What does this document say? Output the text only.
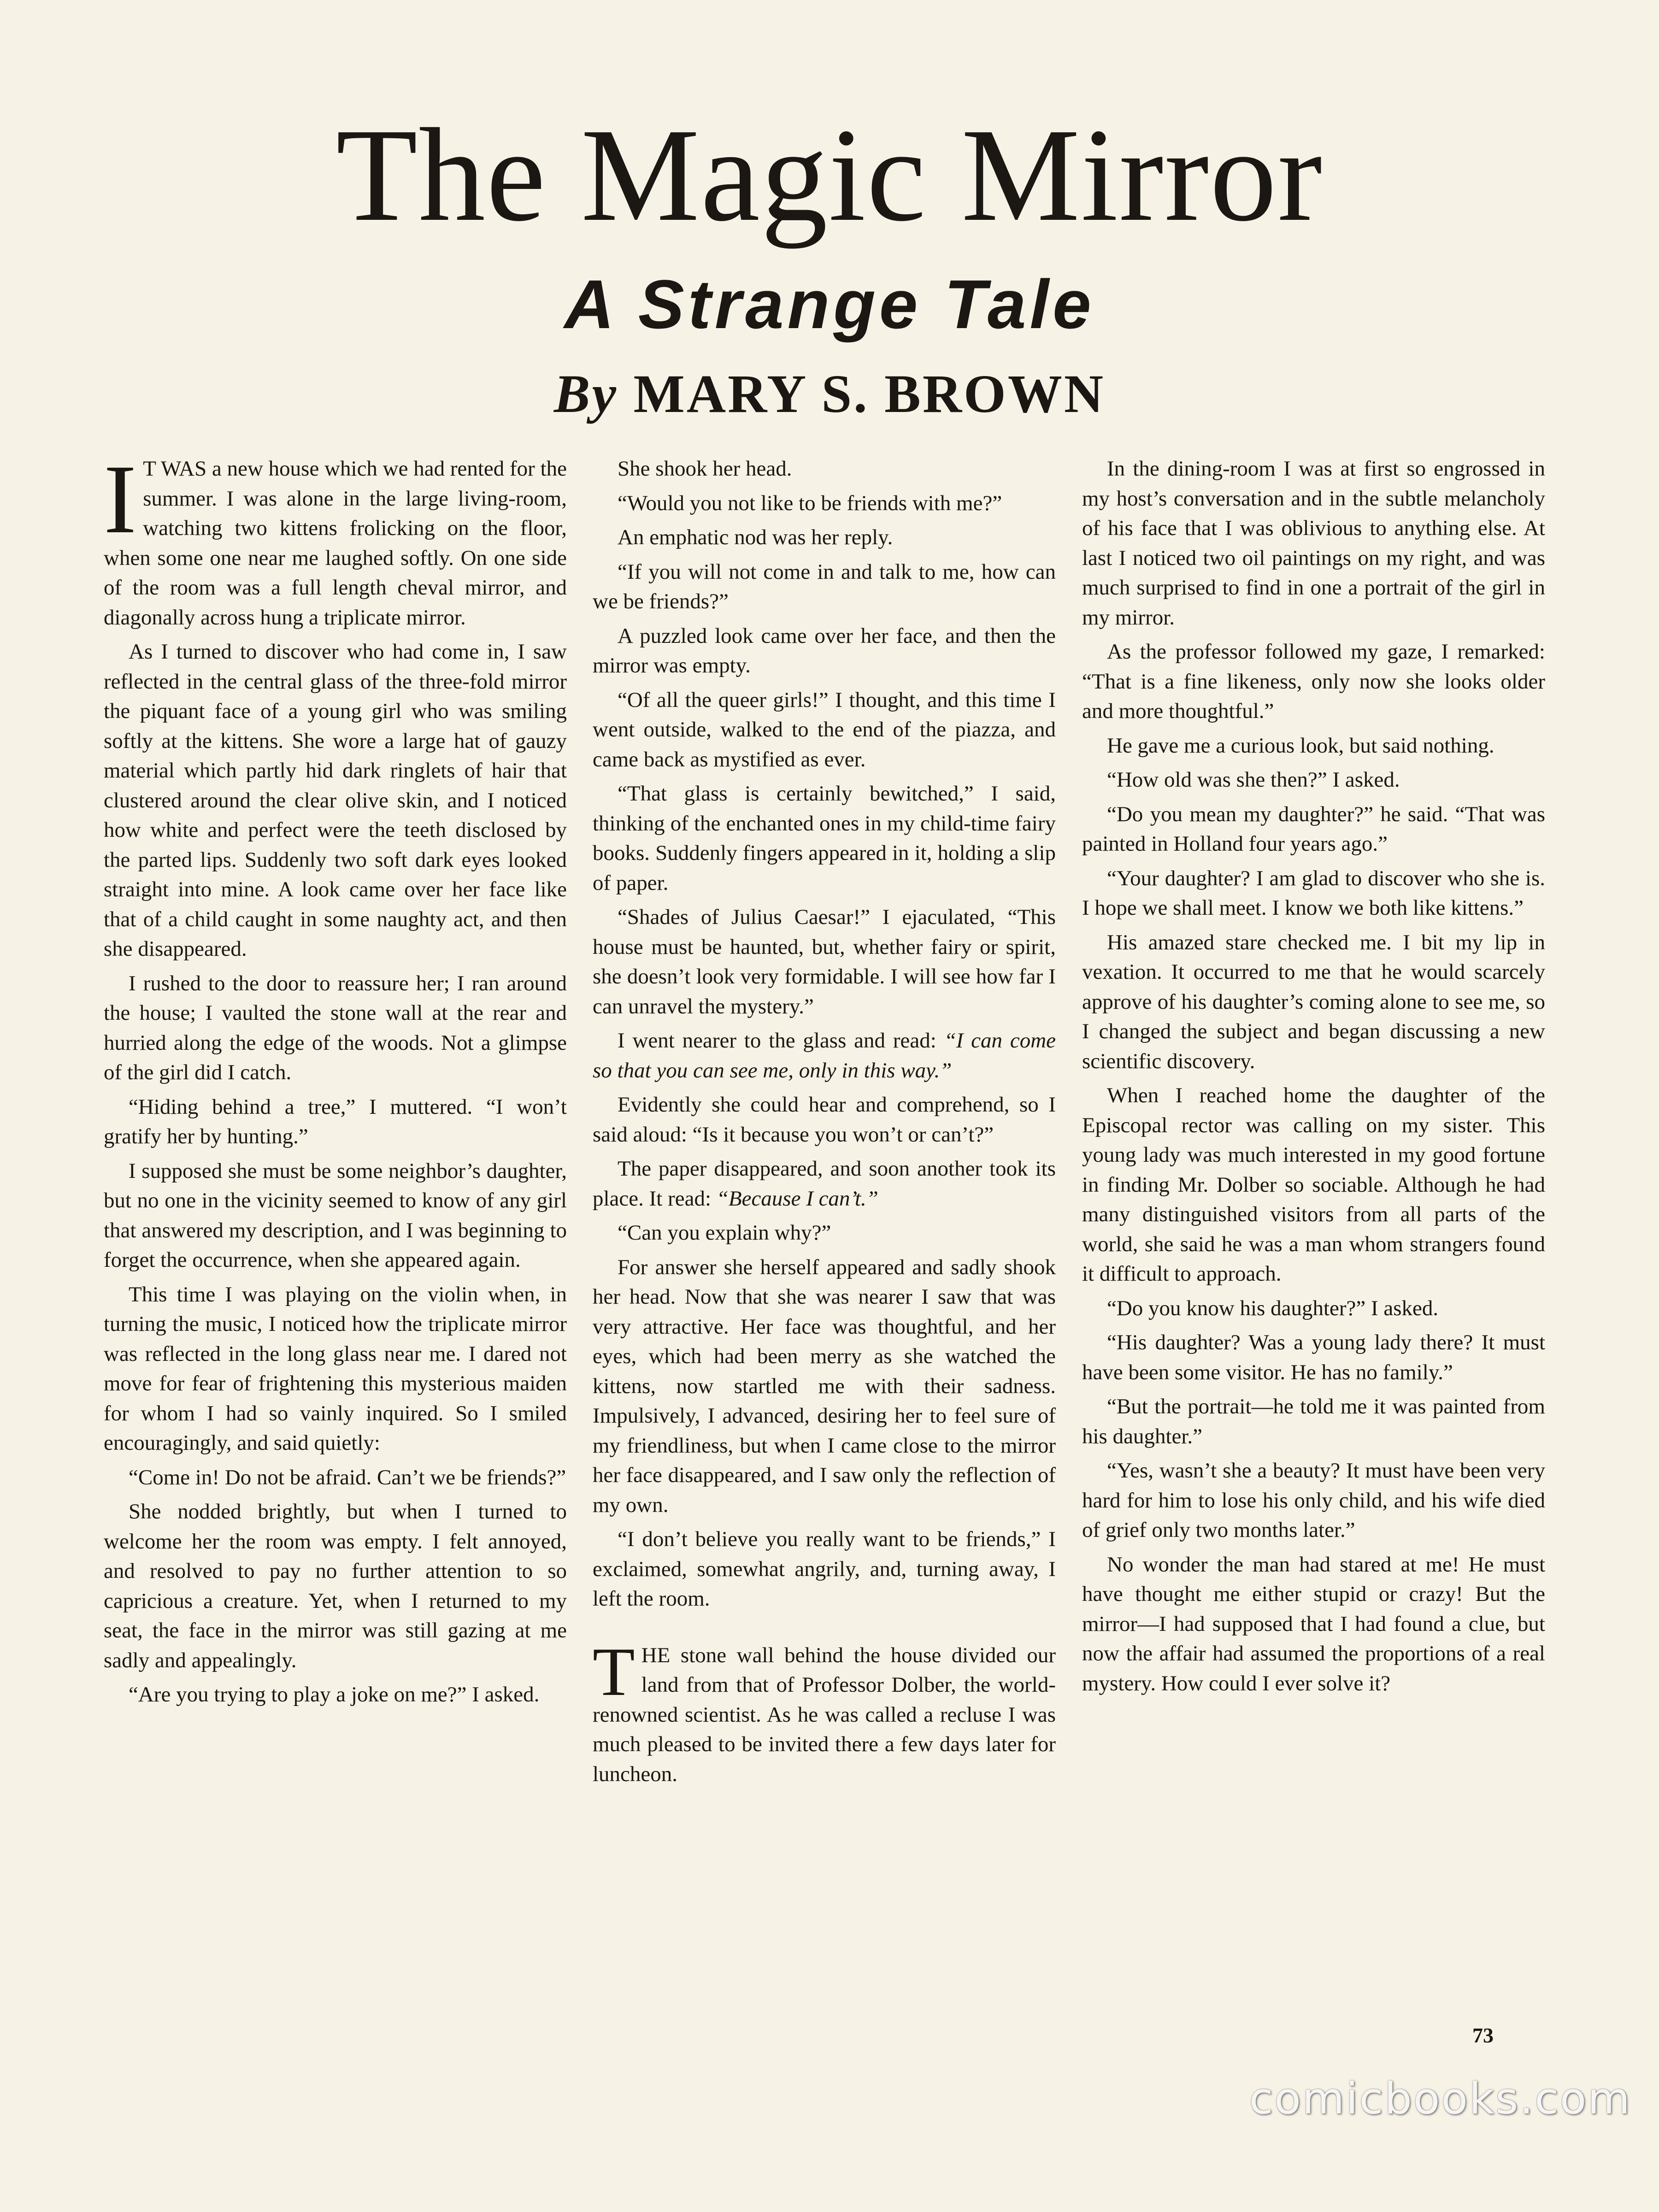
The Magic Mirror
A Strange Tale
By MARY S. BROWN

I T WAS a new house which we had rented for the summer. I was alone in the large living-room, watching two kittens frolicking on the floor, when some one near me laughed softly. On one side of the room was a full length cheval mirror, and diagonally across hung a triplicate mirror.

As I turned to discover who had come in, I saw reflected in the central glass of the three-fold mirror the piquant face of a young girl who was smiling softly at the kittens. She wore a large hat of gauzy material which partly hid dark ringlets of hair that clustered around the clear olive skin, and I noticed how white and perfect were the teeth disclosed by the parted lips. Suddenly two soft dark eyes looked straight into mine. A look came over her face like that of a child caught in some naughty act, and then she disappeared.

I rushed to the door to reassure her; I ran around the house; I vaulted the stone wall at the rear and hurried along the edge of the woods. Not a glimpse of the girl did I catch.

“Hiding behind a tree,” I muttered. “I won’t gratify her by hunting.”

I supposed she must be some neighbor’s daughter, but no one in the vicinity seemed to know of any girl that answered my description, and I was beginning to forget the occurrence, when she appeared again.

This time I was playing on the violin when, in turning the music, I noticed how the triplicate mirror was reflected in the long glass near me. I dared not move for fear of frightening this mysterious maiden for whom I had so vainly inquired. So I smiled encouragingly, and said quietly:

“Come in! Do not be afraid. Can’t we be friends?”

She nodded brightly, but when I turned to welcome her the room was empty. I felt annoyed, and resolved to pay no further attention to so capricious a creature. Yet, when I returned to my seat, the face in the mirror was still gazing at me sadly and appealingly.

“Are you trying to play a joke on me?” I asked.

She shook her head.

“Would you not like to be friends with me?”

An emphatic nod was her reply.

“If you will not come in and talk to me, how can we be friends?”

A puzzled look came over her face, and then the mirror was empty.

“Of all the queer girls!” I thought, and this time I went outside, walked to the end of the piazza, and came back as mystified as ever.

“That glass is certainly bewitched,” I said, thinking of the enchanted ones in my child-time fairy books. Suddenly fingers appeared in it, holding a slip of paper.

“Shades of Julius Caesar!” I ejaculated, “This house must be haunted, but, whether fairy or spirit, she doesn’t look very formidable. I will see how far I can unravel the mystery.”

I went nearer to the glass and read: “I can come so that you can see me, only in this way.”

Evidently she could hear and comprehend, so I said aloud: “Is it because you won’t or can’t?”

The paper disappeared, and soon another took its place. It read: “Because I can’t.”

“Can you explain why?”

For answer she herself appeared and sadly shook her head. Now that she was nearer I saw that was very attractive. Her face was thoughtful, and her eyes, which had been merry as she watched the kittens, now startled me with their sadness. Impulsively, I advanced, desiring her to feel sure of my friendliness, but when I came close to the mirror her face disappeared, and I saw only the reflection of my own.

“I don’t believe you really want to be friends,” I exclaimed, somewhat angrily, and, turning away, I left the room.

THE stone wall behind the house divided our land from that of Professor Dolber, the world-renowned scientist. As he was called a recluse I was much pleased to be invited there a few days later for luncheon.

In the dining-room I was at first so engrossed in my host’s conversation and in the subtle melancholy of his face that I was oblivious to anything else. At last I noticed two oil paintings on my right, and was much surprised to find in one a portrait of the girl in my mirror.

As the professor followed my gaze, I remarked: “That is a fine likeness, only now she looks older and more thoughtful.”

He gave me a curious look, but said nothing.

“How old was she then?” I asked.

“Do you mean my daughter?” he said. “That was painted in Holland four years ago.”

“Your daughter? I am glad to discover who she is. I hope we shall meet. I know we both like kittens.”

His amazed stare checked me. I bit my lip in vexation. It occurred to me that he would scarcely approve of his daughter’s coming alone to see me, so I changed the subject and began discussing a new scientific discovery.

When I reached home the daughter of the Episcopal rector was calling on my sister. This young lady was much interested in my good fortune in finding Mr. Dolber so sociable. Although he had many distinguished visitors from all parts of the world, she said he was a man whom strangers found it difficult to approach.

“Do you know his daughter?” I asked.

“His daughter? Was a young lady there? It must have been some visitor. He has no family.”

“But the portrait—he told me it was painted from his daughter.”

“Yes, wasn’t she a beauty? It must have been very hard for him to lose his only child, and his wife died of grief only two months later.”

No wonder the man had stared at me! He must have thought me either stupid or crazy! But the mirror—I had supposed that I had found a clue, but now the affair had assumed the proportions of a real mystery. How could I ever solve it?

73
comicbooks.com
